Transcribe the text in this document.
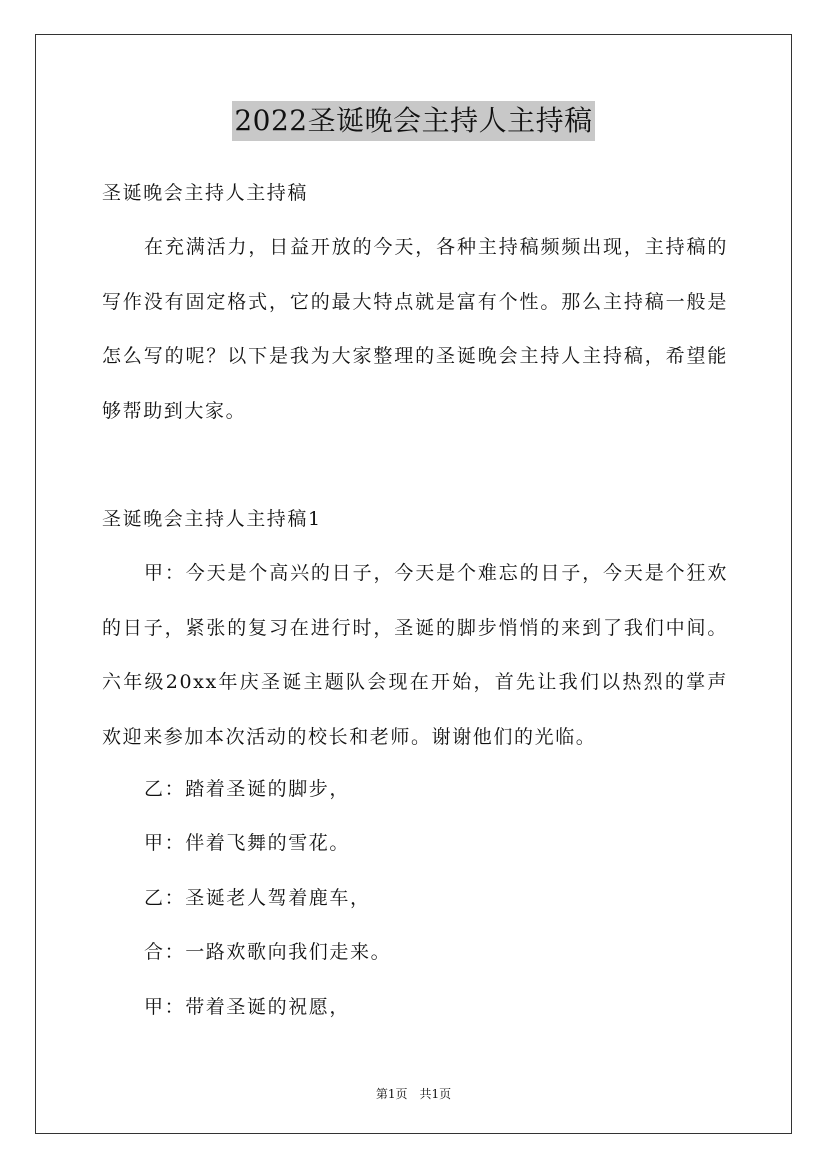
2022圣诞晚会主持人主持稿

圣诞晚会主持人主持稿

在充满活力，日益开放的今天，各种主持稿频频出现，主持稿的写作没有固定格式，它的最大特点就是富有个性。那么主持稿一般是怎么写的呢？以下是我为大家整理的圣诞晚会主持人主持稿，希望能够帮助到大家。

圣诞晚会主持人主持稿1

甲：今天是个高兴的日子，今天是个难忘的日子，今天是个狂欢的日子，紧张的复习在进行时，圣诞的脚步悄悄的来到了我们中间。六年级20xx年庆圣诞主题队会现在开始，首先让我们以热烈的掌声欢迎来参加本次活动的校长和老师。谢谢他们的光临。

乙：踏着圣诞的脚步，

甲：伴着飞舞的雪花。

乙：圣诞老人驾着鹿车，

合：一路欢歌向我们走来。

甲：带着圣诞的祝愿，

第1页　共1页
